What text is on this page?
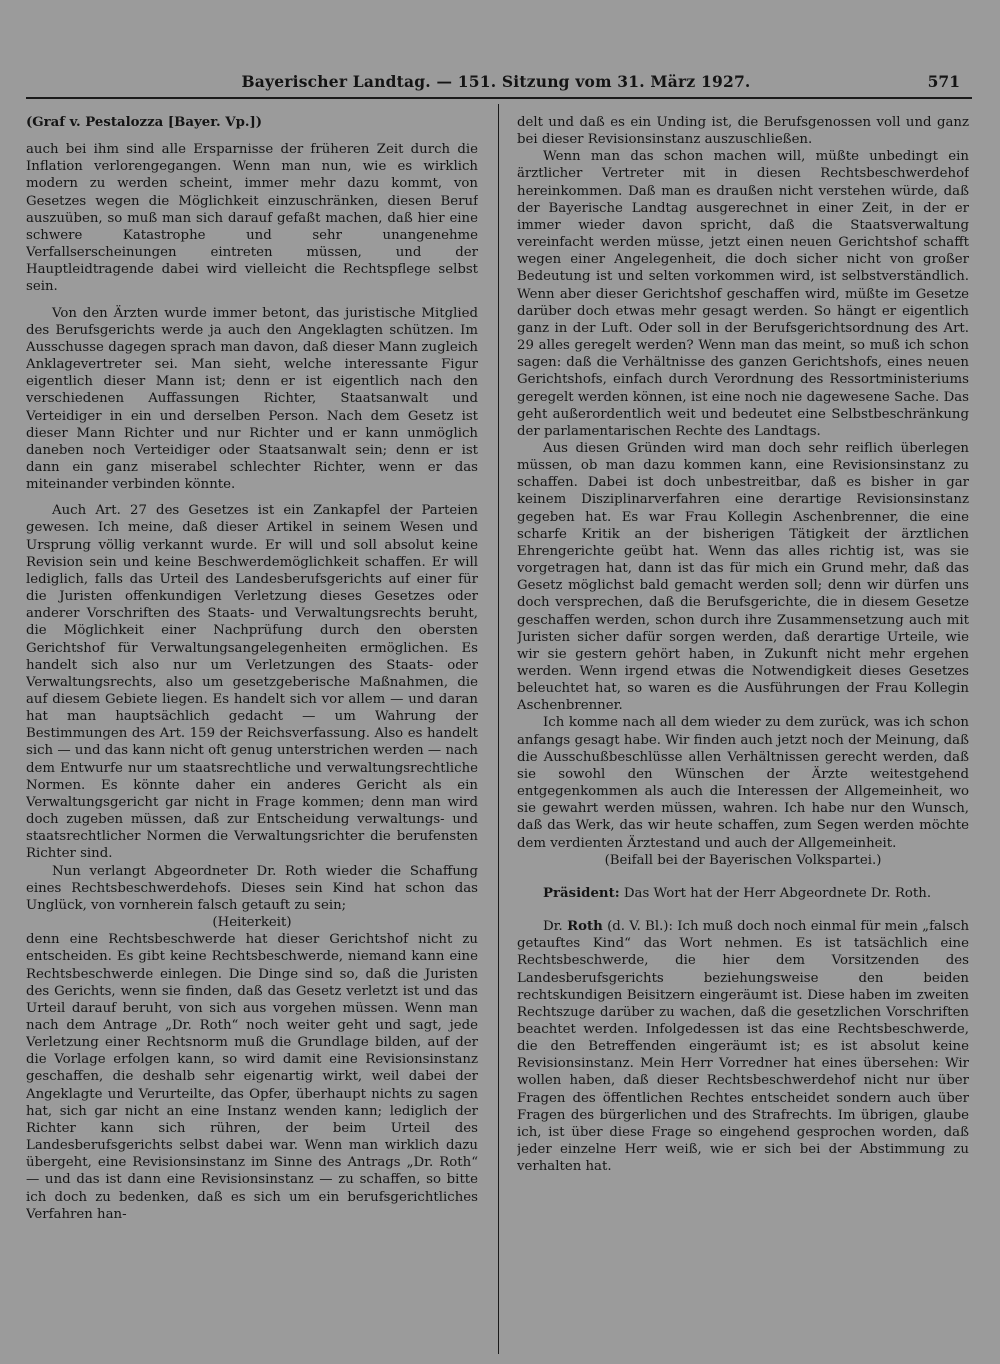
Bayerischer Landtag. — 151. Sitzung vom 31. März 1927.	571

(Graf v. Pestalozza [Bayer. Vp.])

auch bei ihm sind alle Ersparnisse der früheren Zeit durch die Inflation verlorengegangen. Wenn man nun, wie es wirklich modern zu werden scheint, immer mehr dazu kommt, von Gesetzes wegen die Möglichkeit einzuschränken, diesen Beruf auszuüben, so muß man sich darauf gefaßt machen, daß hier eine schwere Katastrophe und sehr unangenehme Verfallserscheinungen eintreten müssen, und der Hauptleidtragende dabei wird vielleicht die Rechtspflege selbst sein.

Von den Ärzten wurde immer betont, das juristische Mitglied des Berufsgerichts werde ja auch den Angeklagten schützen. Im Ausschusse dagegen sprach man davon, daß dieser Mann zugleich Anklagevertreter sei. Man sieht, welche interessante Figur eigentlich dieser Mann ist; denn er ist eigentlich nach den verschiedenen Auffassungen Richter, Staatsanwalt und Verteidiger in ein und derselben Person. Nach dem Gesetz ist dieser Mann Richter und nur Richter und er kann unmöglich daneben noch Verteidiger oder Staatsanwalt sein; denn er ist dann ein ganz miserabel schlechter Richter, wenn er das miteinander verbinden könnte.

Auch Art. 27 des Gesetzes ist ein Zankapfel der Parteien gewesen. Ich meine, daß dieser Artikel in seinem Wesen und Ursprung völlig verkannt wurde. Er will und soll absolut keine Revision sein und keine Beschwerdemöglichkeit schaffen. Er will lediglich, falls das Urteil des Landesberufsgerichts auf einer für die Juristen offenkundigen Verletzung dieses Gesetzes oder anderer Vorschriften des Staats- und Verwaltungsrechts beruht, die Möglichkeit einer Nachprüfung durch den obersten Gerichtshof für Verwaltungsangelegenheiten ermöglichen. Es handelt sich also nur um Verletzungen des Staats- oder Verwaltungsrechts, also um gesetzgeberische Maßnahmen, die auf diesem Gebiete liegen. Es handelt sich vor allem — und daran hat man hauptsächlich gedacht — um Wahrung der Bestimmungen des Art. 159 der Reichsverfassung. Also es handelt sich — und das kann nicht oft genug unterstrichen werden — nach dem Entwurfe nur um staatsrechtliche und verwaltungsrechtliche Normen. Es könnte daher ein anderes Gericht als ein Verwaltungsgericht gar nicht in Frage kommen; denn man wird doch zugeben müssen, daß zur Entscheidung verwaltungs- und staatsrechtlicher Normen die Verwaltungsrichter die berufensten Richter sind.

Nun verlangt Abgeordneter Dr. Roth wieder die Schaffung eines Rechtsbeschwerdehofs. Dieses sein Kind hat schon das Unglück, von vornherein falsch getauft zu sein;

(Heiterkeit)

denn eine Rechtsbeschwerde hat dieser Gerichtshof nicht zu entscheiden. Es gibt keine Rechtsbeschwerde, niemand kann eine Rechtsbeschwerde einlegen. Die Dinge sind so, daß die Juristen des Gerichts, wenn sie finden, daß das Gesetz verletzt ist und das Urteil darauf beruht, von sich aus vorgehen müssen. Wenn man nach dem Antrage „Dr. Roth“ noch weiter geht und sagt, jede Verletzung einer Rechtsnorm muß die Grundlage bilden, auf der die Vorlage erfolgen kann, so wird damit eine Revisionsinstanz geschaffen, die deshalb sehr eigenartig wirkt, weil dabei der Angeklagte und Verurteilte, das Opfer, überhaupt nichts zu sagen hat, sich gar nicht an eine Instanz wenden kann; lediglich der Richter kann sich rühren, der beim Urteil des Landesberufsgerichts selbst dabei war. Wenn man wirklich dazu übergeht, eine Revisionsinstanz im Sinne des Antrags „Dr. Roth“ — und das ist dann eine Revisionsinstanz — zu schaffen, so bitte ich doch zu bedenken, daß es sich um ein berufsgerichtliches Verfahren han-

delt und daß es ein Unding ist, die Berufsgenossen voll und ganz bei dieser Revisionsinstanz auszuschließen.

Wenn man das schon machen will, müßte unbedingt ein ärztlicher Vertreter mit in diesen Rechtsbeschwerdehof hereinkommen. Daß man es draußen nicht verstehen würde, daß der Bayerische Landtag ausgerechnet in einer Zeit, in der er immer wieder davon spricht, daß die Staatsverwaltung vereinfacht werden müsse, jetzt einen neuen Gerichtshof schafft wegen einer Angelegenheit, die doch sicher nicht von großer Bedeutung ist und selten vorkommen wird, ist selbstverständlich. Wenn aber dieser Gerichtshof geschaffen wird, müßte im Gesetze darüber doch etwas mehr gesagt werden. So hängt er eigentlich ganz in der Luft. Oder soll in der Berufsgerichtsordnung des Art. 29 alles geregelt werden? Wenn man das meint, so muß ich schon sagen: daß die Verhältnisse des ganzen Gerichtshofs, eines neuen Gerichtshofs, einfach durch Verordnung des Ressortministeriums geregelt werden können, ist eine noch nie dagewesene Sache. Das geht außerordentlich weit und bedeutet eine Selbstbeschränkung der parlamentarischen Rechte des Landtags.

Aus diesen Gründen wird man doch sehr reiflich überlegen müssen, ob man dazu kommen kann, eine Revisionsinstanz zu schaffen. Dabei ist doch unbestreitbar, daß es bisher in gar keinem Disziplinarverfahren eine derartige Revisionsinstanz gegeben hat. Es war Frau Kollegin Aschenbrenner, die eine scharfe Kritik an der bisherigen Tätigkeit der ärztlichen Ehrengerichte geübt hat. Wenn das alles richtig ist, was sie vorgetragen hat, dann ist das für mich ein Grund mehr, daß das Gesetz möglichst bald gemacht werden soll; denn wir dürfen uns doch versprechen, daß die Berufsgerichte, die in diesem Gesetze geschaffen werden, schon durch ihre Zusammensetzung auch mit Juristen sicher dafür sorgen werden, daß derartige Urteile, wie wir sie gestern gehört haben, in Zukunft nicht mehr ergehen werden. Wenn irgend etwas die Notwendigkeit dieses Gesetzes beleuchtet hat, so waren es die Ausführungen der Frau Kollegin Aschenbrenner.

Ich komme nach all dem wieder zu dem zurück, was ich schon anfangs gesagt habe. Wir finden auch jetzt noch der Meinung, daß die Ausschußbeschlüsse allen Verhältnissen gerecht werden, daß sie sowohl den Wünschen der Ärzte weitestgehend entgegenkommen als auch die Interessen der Allgemeinheit, wo sie gewahrt werden müssen, wahren. Ich habe nur den Wunsch, daß das Werk, das wir heute schaffen, zum Segen werden möchte dem verdienten Ärztestand und auch der Allgemeinheit.

(Beifall bei der Bayerischen Volkspartei.)

Präsident: Das Wort hat der Herr Abgeordnete Dr. Roth.

Dr. Roth (d. V. Bl.): Ich muß doch noch einmal für mein „falsch getauftes Kind“ das Wort nehmen. Es ist tatsächlich eine Rechtsbeschwerde, die hier dem Vorsitzenden des Landesberufsgerichts beziehungsweise den beiden rechtskundigen Beisitzern eingeräumt ist. Diese haben im zweiten Rechtszuge darüber zu wachen, daß die gesetzlichen Vorschriften beachtet werden. Infolgedessen ist das eine Rechtsbeschwerde, die den Betreffenden eingeräumt ist; es ist absolut keine Revisionsinstanz. Mein Herr Vorredner hat eines übersehen: Wir wollen haben, daß dieser Rechtsbeschwerdehof nicht nur über Fragen des öffentlichen Rechtes entscheidet sondern auch über Fragen des bürgerlichen und des Strafrechts. Im übrigen, glaube ich, ist über diese Frage so eingehend gesprochen worden, daß jeder einzelne Herr weiß, wie er sich bei der Abstimmung zu verhalten hat.
